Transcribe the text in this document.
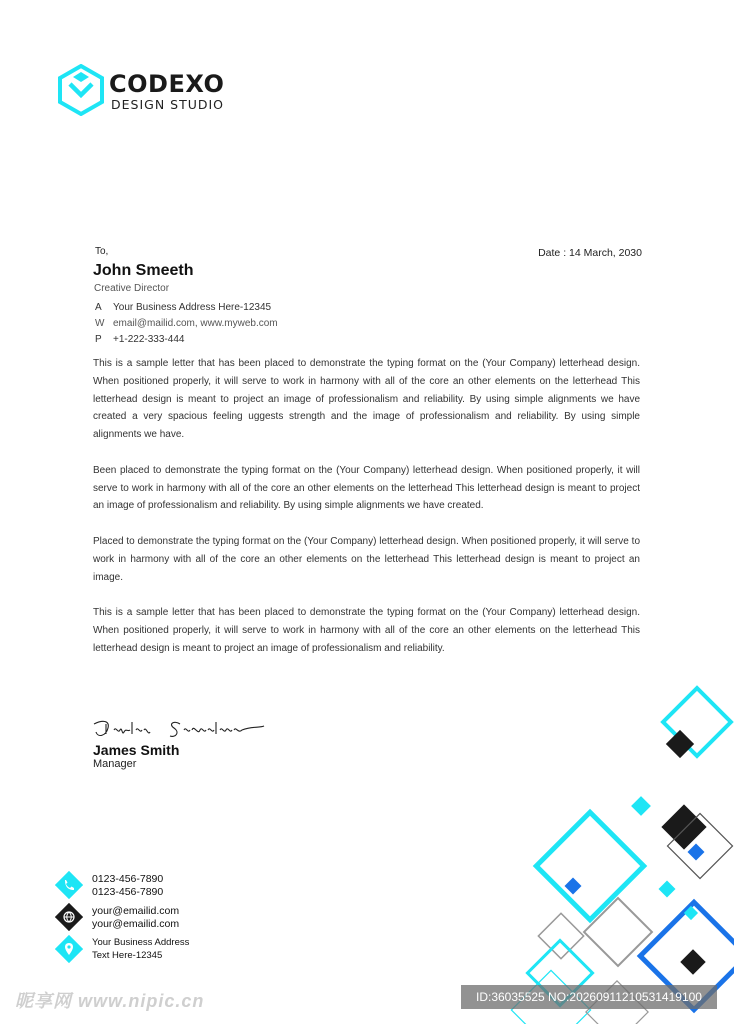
CODEXO
DESIGN STUDIO
To,	Date : 14 March, 2030
John Smeeth
Creative Director
A Your Business Address Here-12345
W email@mailid.com, www.myweb.com
P +1-222-333-444

This is a sample letter that has been placed to demonstrate the typing format on the (Your Company) letterhead design. When positioned properly, it will serve to work in harmony with all of the core an other elements on the letterhead This letterhead design is meant to project an image of professionalism and reliability. By using simple alignments we have created a very spacious feeling uggests strength and the image of professionalism and reliability. By using simple alignments we have.

Been placed to demonstrate the typing format on the (Your Company) letterhead design. When positioned properly, it will serve to work in harmony with all of the core an other elements on the letterhead This letterhead design is meant to project an image of professionalism and reliability. By using simple alignments we have created.

Placed to demonstrate the typing format on the (Your Company) letterhead design. When positioned properly, it will serve to work in harmony with all of the core an other elements on the letterhead This letterhead design is meant to project an image.

This is a sample letter that has been placed to demonstrate the typing format on the (Your Company) letterhead design. When positioned properly, it will serve to work in harmony with all of the core an other elements on the letterhead This letterhead design is meant to project an image of professionalism and reliability.

James Smith
Manager
0123-456-7890
0123-456-7890
your@emailid.com
your@emailid.com
Your Business Address
Text Here-12345
昵享网 www.nipic.cn	ID:36035525 NO:20260911210531419100
